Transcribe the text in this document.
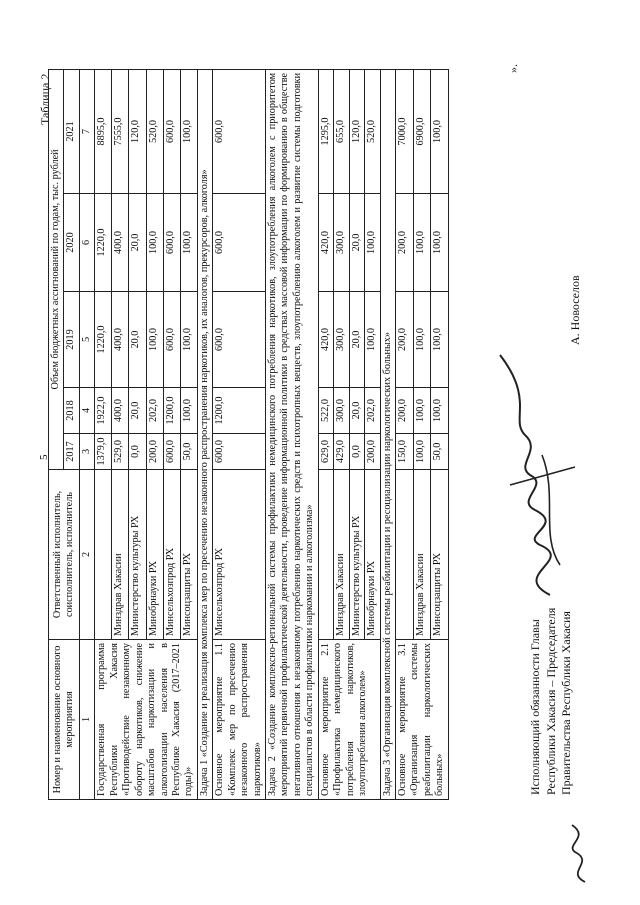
5
Таблица 2
Номер и наименование основного мероприятия	Ответственный исполнитель, соисполнитель, исполнитель	Объем бюджетных ассигнований по годам, тыс. рублей				
		2017	2018	2019	2020	2021
1	2	3	4	5	6	7
Государственная программа Республики Хакасия «Противодействие незаконному обороту наркотиков, снижение масштабов наркотизации и алкоголизации населения в Республике Хакасия (2017–2021 годы)»		1379,0	1922,0	1220,0	1220,0	8895,0
	Минздрав Хакасии	529,0	400,0	400,0	400,0	7555,0
	Министерство культуры РХ	0,0	20,0	20,0	20,0	120,0
	Минобрнауки РХ	200,0	202,0	100,0	100,0	520,0
	Минсельхозпрод РХ	600,0	1200,0	600,0	600,0	600,0
	Минсоцзащиты РХ	50,0	100,0	100,0	100,0	100,0
Задача 1 «Создание и реализация комплекса мер по пресечению незаконного распространения наркотиков, их аналогов, прекурсоров, алкоголя»						
Основное мероприятие 1.1 «Комплекс мер по пресечению незаконного распространения наркотиков»	Минсельхозпрод РХ	600,0	1200,0	600,0	600,0	600,0
Задача 2 «Создание комплексно-региональной системы профилактики немедицинского потребления наркотиков, злоупотребления алкоголем с приоритетом мероприятий первичной профилактической деятельности, проведение информационной политики в средствах массовой информации по формированию в обществе негативного отношения к незаконному потреблению наркотических средств и психотропных веществ, злоупотреблению алкоголем и развитие системы подготовки специалистов в области профилактики наркомании и алкоголизма»						
Основное мероприятие 2.1 «Профилактика немедицинского потребления наркотиков, злоупотребления алкоголем»		629,0	522,0	420,0	420,0	1295,0
	Минздрав Хакасии	429,0	300,0	300,0	300,0	655,0
	Министерство культуры РХ	0,0	20,0	20,0	20,0	120,0
	Минобрнауки РХ	200,0	202,0	100,0	100,0	520,0
Задача 3 «Организация комплексной системы реабилитации и ресоциализации наркологических больных»						
Основное мероприятие 3.1 «Организация системы реабилитации наркологических больных»		150,0	200,0	200,0	200,0	7000,0
	Минздрав Хакасии	100,0	100,0	100,0	100,0	6900,0
	Минсоцзащиты РХ	50,0	100,0	100,0	100,0	100,0
».
Исполняющий обязанности Главы Республики Хакасия – Председателя Правительства Республики Хакасия
А. Новоселов
